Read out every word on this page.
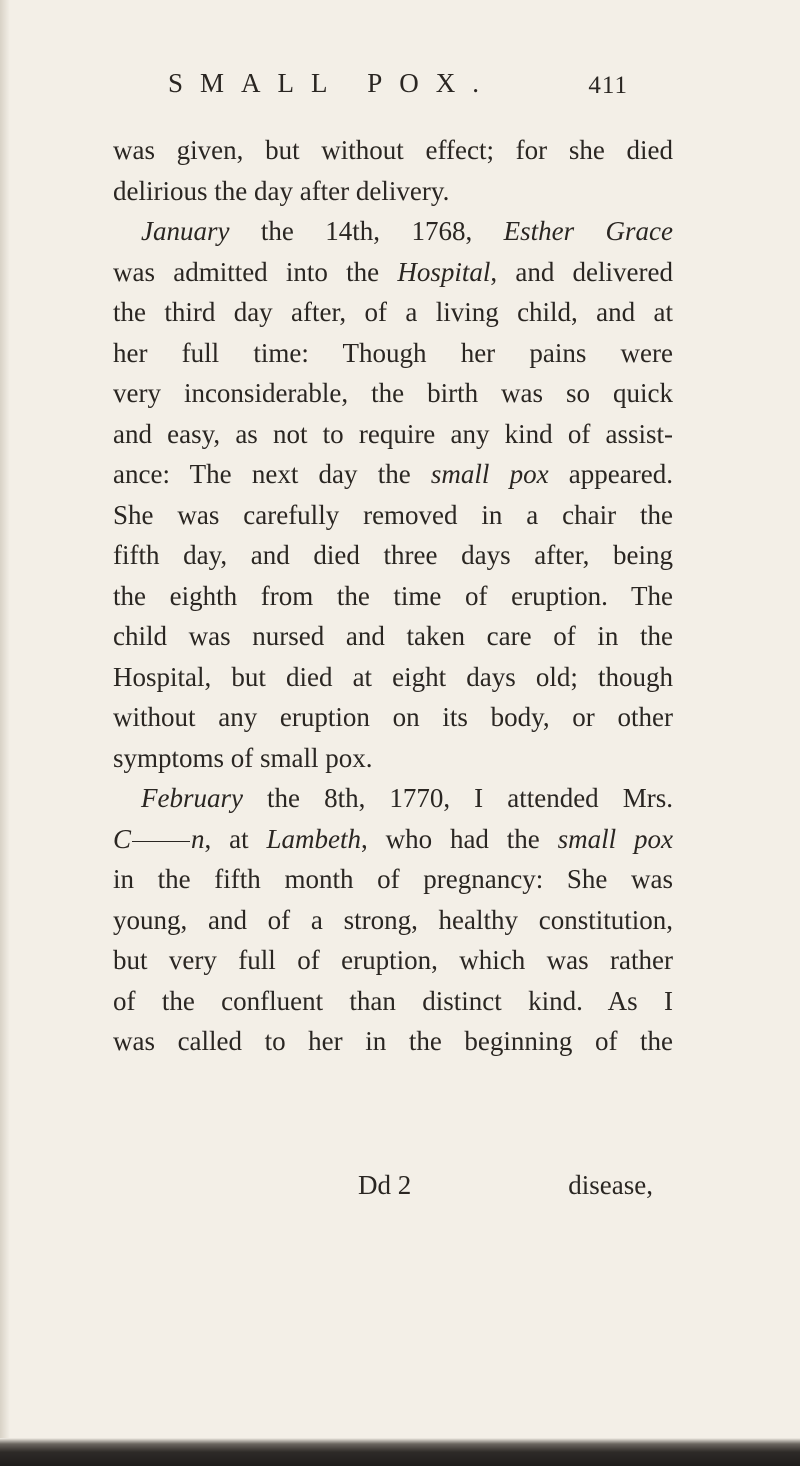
SMALL POX.	411
was given, but without effect; for she died
delirious the day after delivery.
January the 14th, 1768, Esther Grace
was admitted into the Hospital, and delivered
the third day after, of a living child, and at
her full time: Though her pains were
very inconsiderable, the birth was so quick
and easy, as not to require any kind of assist-
ance: The next day the small pox appeared.
She was carefully removed in a chair the
fifth day, and died three days after, being
the eighth from the time of eruption. The
child was nursed and taken care of in the
Hospital, but died at eight days old; though
without any eruption on its body, or other
symptoms of small pox.
February the 8th, 1770, I attended Mrs.
C n, at Lambeth, who had the small pox
in the fifth month of pregnancy: She was
young, and of a strong, healthy constitution,
but very full of eruption, which was rather
of the confluent than distinct kind. As I
was called to her in the beginning of the
Dd 2	disease,
